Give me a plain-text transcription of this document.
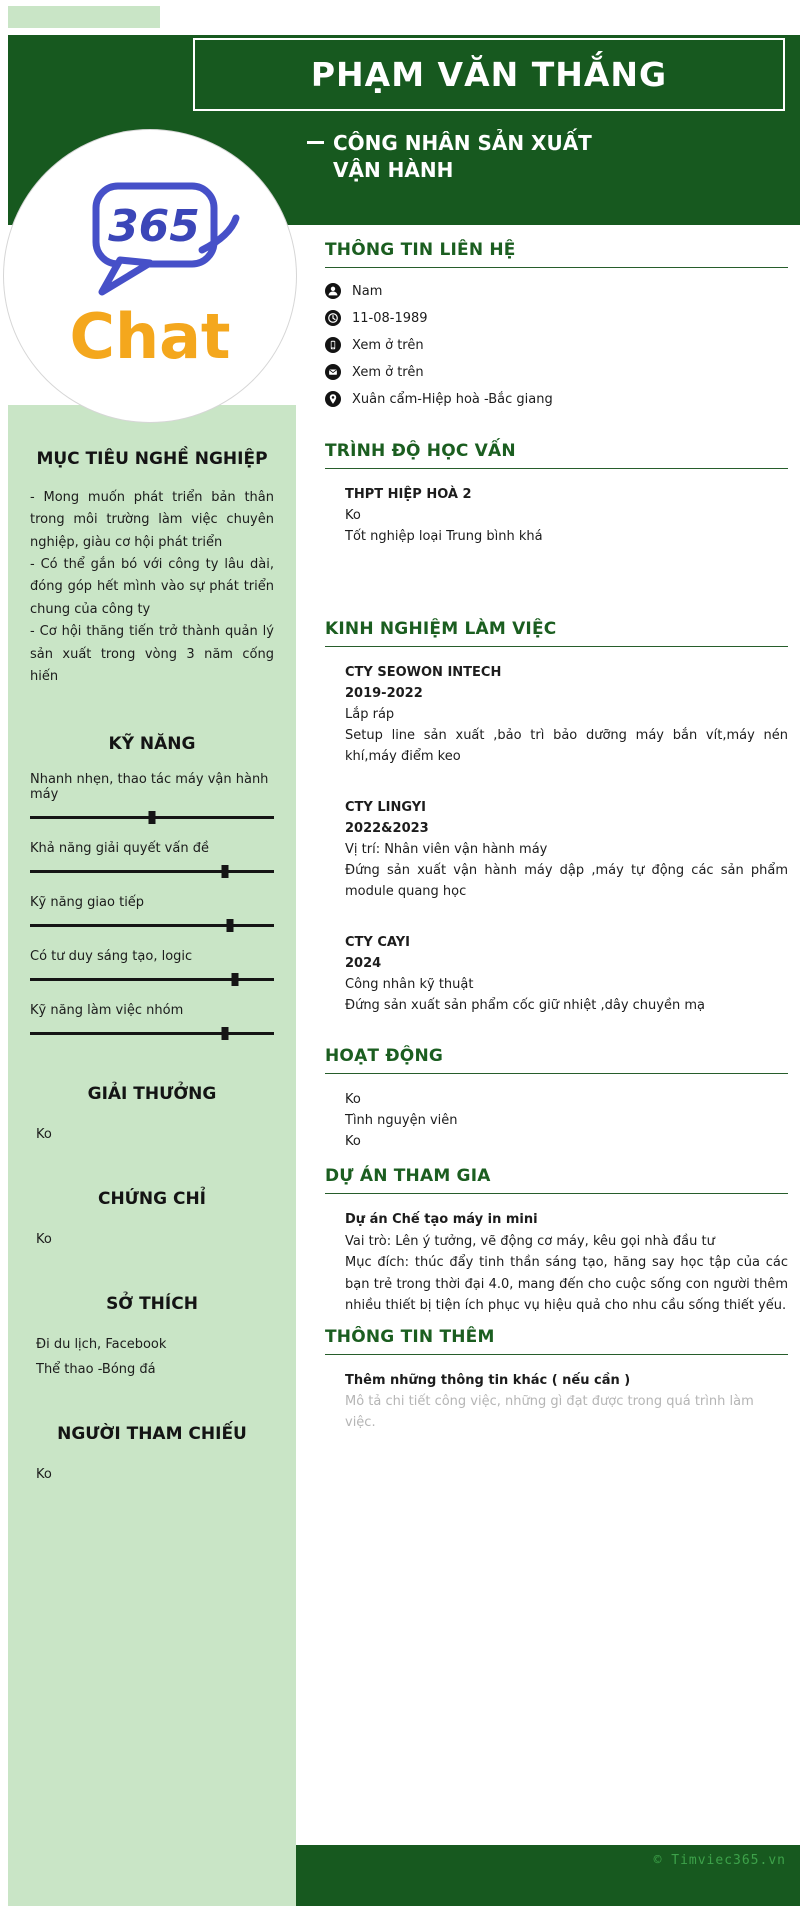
PHẠM VĂN THẮNG
CÔNG NHÂN SẢN XUẤT VẬN HÀNH
365
Chat
MỤC TIÊU NGHỀ NGHIỆP
- Mong muốn phát triển bản thân trong môi trường làm việc chuyên nghiệp, giàu cơ hội phát triển
- Có thể gắn bó với công ty lâu dài, đóng góp hết mình vào sự phát triển chung của công ty
- Cơ hội thăng tiến trở thành quản lý sản xuất trong vòng 3 năm cống hiến
KỸ NĂNG
Nhanh nhẹn, thao tác máy vận hành máy
Khả năng giải quyết vấn đề
Kỹ năng giao tiếp
Có tư duy sáng tạo, logic
Kỹ năng làm việc nhóm
GIẢI THƯỞNG
Ko
CHỨNG CHỈ
Ko
SỞ THÍCH
Đi du lịch, Facebook
Thể thao -Bóng đá
NGƯỜI THAM CHIẾU
Ko
THÔNG TIN LIÊN HỆ
Nam
11-08-1989
Xem ở trên
Xem ở trên
Xuân cẩm-Hiệp hoà -Bắc giang
TRÌNH ĐỘ HỌC VẤN
THPT HIỆP HOÀ 2
Ko
Tốt nghiệp loại Trung bình khá
KINH NGHIỆM LÀM VIỆC
CTY SEOWON INTECH
2019-2022
Lắp ráp
Setup line sản xuất ,bảo trì bảo dưỡng máy bắn vít,máy nén khí,máy điểm keo
CTY LINGYI
2022&2023
Vị trí: Nhân viên vận hành máy
Đứng sản xuất vận hành máy dập ,máy tự động các sản phẩm module quang học
CTY CAYI
2024
Công nhân kỹ thuật
Đứng sản xuất sản phẩm cốc giữ nhiệt ,dây chuyền mạ
HOẠT ĐỘNG
Ko
Tình nguyện viên
Ko
DỰ ÁN THAM GIA
Dự án Chế tạo máy in mini
Vai trò: Lên ý tưởng, vẽ động cơ máy, kêu gọi nhà đầu tư
Mục đích: thúc đẩy tinh thần sáng tạo, hăng say học tập của các bạn trẻ trong thời đại 4.0, mang đến cho cuộc sống con người thêm nhiều thiết bị tiện ích phục vụ hiệu quả cho nhu cầu sống thiết yếu.
THÔNG TIN THÊM
Thêm những thông tin khác ( nếu cần )
Mô tả chi tiết công việc, những gì đạt được trong quá trình làm việc.
© Timviec365.vn
